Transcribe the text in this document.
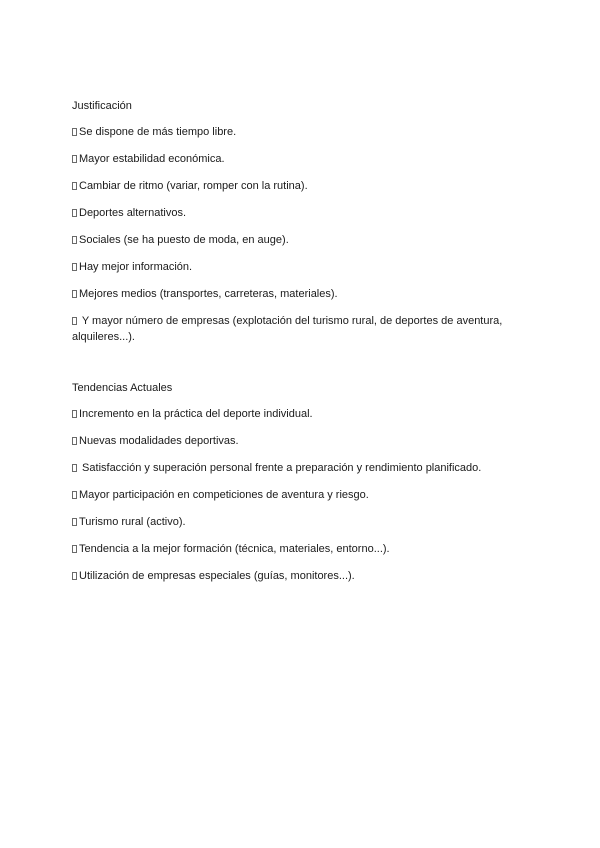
Justificación
Se dispone de más tiempo libre.
Mayor estabilidad económica.
Cambiar de ritmo (variar, romper con la rutina).
Deportes alternativos.
Sociales (se ha puesto de moda, en auge).
Hay mejor información.
Mejores medios (transportes, carreteras, materiales).
Y mayor número de empresas (explotación del turismo rural, de deportes de aventura, alquileres...).
Tendencias Actuales
Incremento en la práctica del deporte individual.
Nuevas modalidades deportivas.
Satisfacción y superación personal frente a preparación y rendimiento planificado.
Mayor participación en competiciones de aventura y riesgo.
Turismo rural (activo).
Tendencia a la mejor formación (técnica, materiales, entorno...).
Utilización de empresas especiales (guías, monitores...).
